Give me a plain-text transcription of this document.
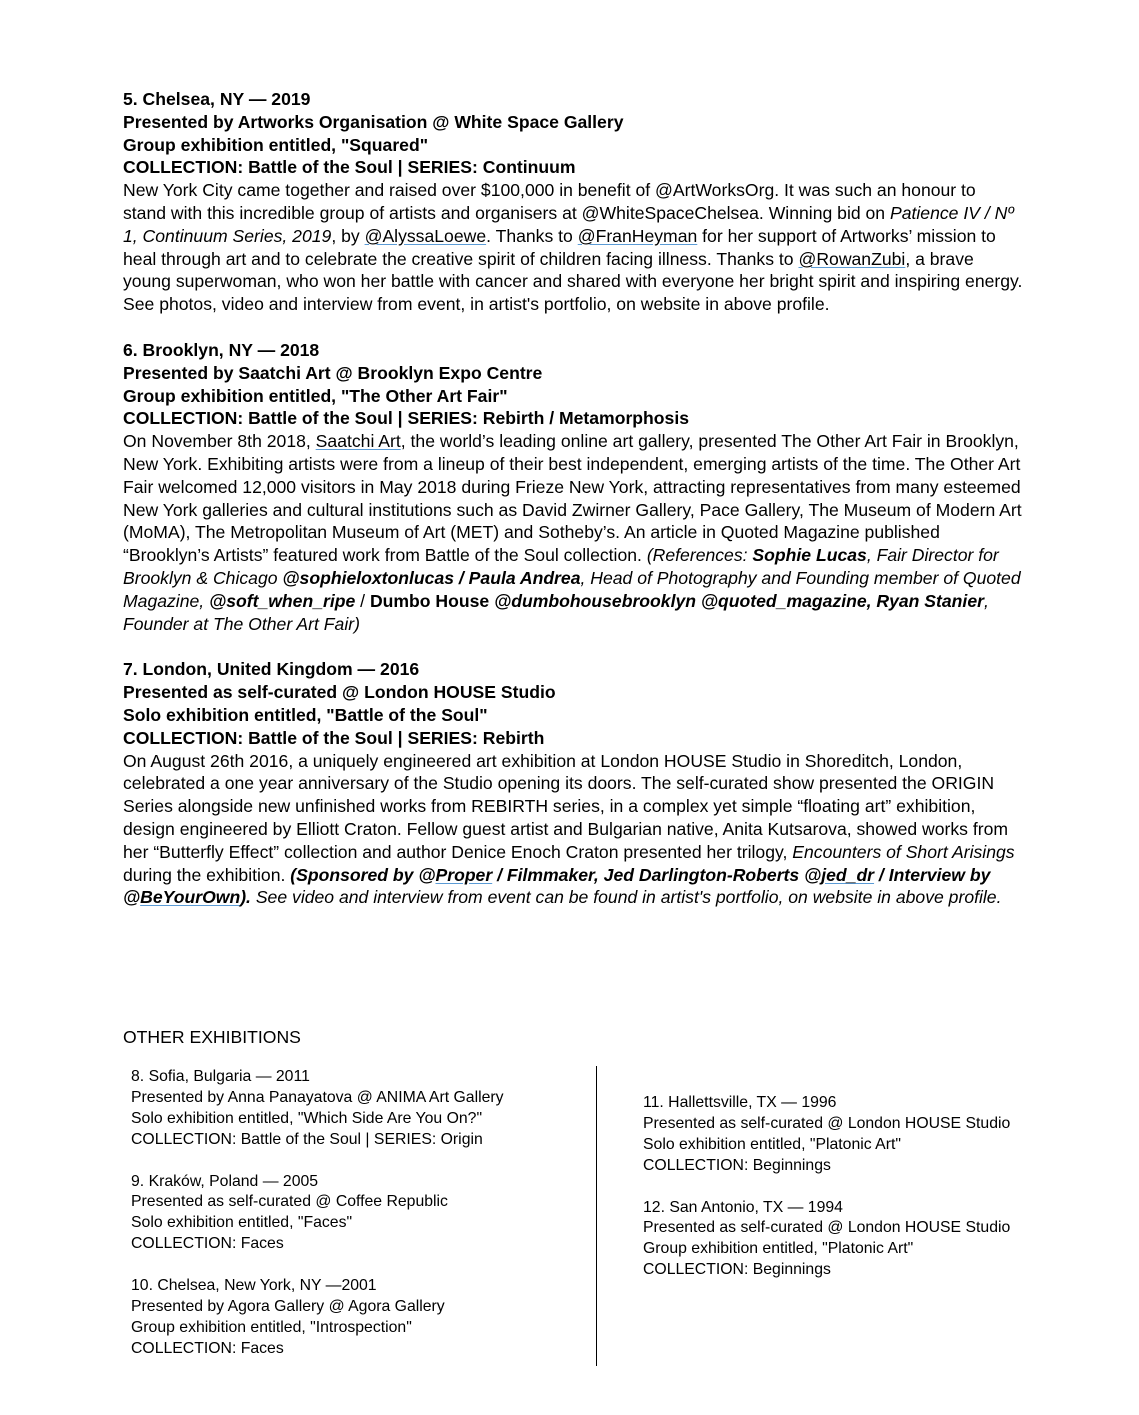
5. Chelsea, NY — 2019

Presented by Artworks Organisation @ White Space Gallery

Group exhibition entitled, "Squared"

COLLECTION: Battle of the Soul | SERIES: Continuum

New York City came together and raised over $100,000 in benefit of @ArtWorksOrg. It was such an honour to stand with this incredible group of artists and organisers at @WhiteSpaceChelsea. Winning bid on Patience IV / Nº 1, Continuum Series, 2019, by @AlyssaLoewe. Thanks to @FranHeyman for her support of Artworks’ mission to heal through art and to celebrate the creative spirit of children facing illness. Thanks to @RowanZubi, a brave young superwoman, who won her battle with cancer and shared with everyone her bright spirit and inspiring energy. See photos, video and interview from event, in artist's portfolio, on website in above profile.

6. Brooklyn, NY — 2018

Presented by Saatchi Art @ Brooklyn Expo Centre

Group exhibition entitled, "The Other Art Fair"

COLLECTION: Battle of the Soul | SERIES: Rebirth / Metamorphosis

On November 8th 2018, Saatchi Art, the world’s leading online art gallery, presented The Other Art Fair in Brooklyn, New York. Exhibiting artists were from a lineup of their best independent, emerging artists of the time. The Other Art Fair welcomed 12,000 visitors in May 2018 during Frieze New York, attracting representatives from many esteemed New York galleries and cultural institutions such as David Zwirner Gallery, Pace Gallery, The Museum of Modern Art (MoMA), The Metropolitan Museum of Art (MET) and Sotheby’s. An article in Quoted Magazine published “Brooklyn’s Artists” featured work from Battle of the Soul collection. (References: Sophie Lucas, Fair Director for Brooklyn & Chicago @sophieloxtonlucas / Paula Andrea, Head of Photography and Founding member of Quoted Magazine, @soft_when_ripe / Dumbo House @dumbohousebrooklyn @quoted_magazine, Ryan Stanier, Founder at The Other Art Fair)

7. London, United Kingdom — 2016

Presented as self-curated @ London HOUSE Studio

Solo exhibition entitled, "Battle of the Soul"

COLLECTION: Battle of the Soul | SERIES: Rebirth

On August 26th 2016, a uniquely engineered art exhibition at London HOUSE Studio in Shoreditch, London, celebrated a one year anniversary of the Studio opening its doors. The self-curated show presented the ORIGIN Series alongside new unfinished works from REBIRTH series, in a complex yet simple “floating art” exhibition, design engineered by Elliott Craton. Fellow guest artist and Bulgarian native, Anita Kutsarova, showed works from her “Butterfly Effect” collection and author Denice Enoch Craton presented her trilogy, Encounters of Short Arisings during the exhibition. (Sponsored by @Proper / Filmmaker, Jed Darlington-Roberts @jed_dr / Interview by @BeYourOwn). See video and interview from event can be found in artist's portfolio, on website in above profile.

OTHER EXHIBITIONS
8. Sofia, Bulgaria — 2011
Presented by Anna Panayatova @ ANIMA Art Gallery
Solo exhibition entitled, "Which Side Are You On?"
COLLECTION: Battle of the Soul | SERIES: Origin
9. Kraków, Poland — 2005
Presented as self-curated @ Coffee Republic
Solo exhibition entitled, "Faces"
COLLECTION: Faces
10. Chelsea, New York, NY —2001
Presented by Agora Gallery @ Agora Gallery
Group exhibition entitled, "Introspection"
COLLECTION: Faces
11. Hallettsville, TX — 1996
Presented as self-curated @ London HOUSE Studio
Solo exhibition entitled, "Platonic Art"
COLLECTION: Beginnings
12. San Antonio, TX — 1994
Presented as self-curated @ London HOUSE Studio
Group exhibition entitled, "Platonic Art"
COLLECTION: Beginnings
